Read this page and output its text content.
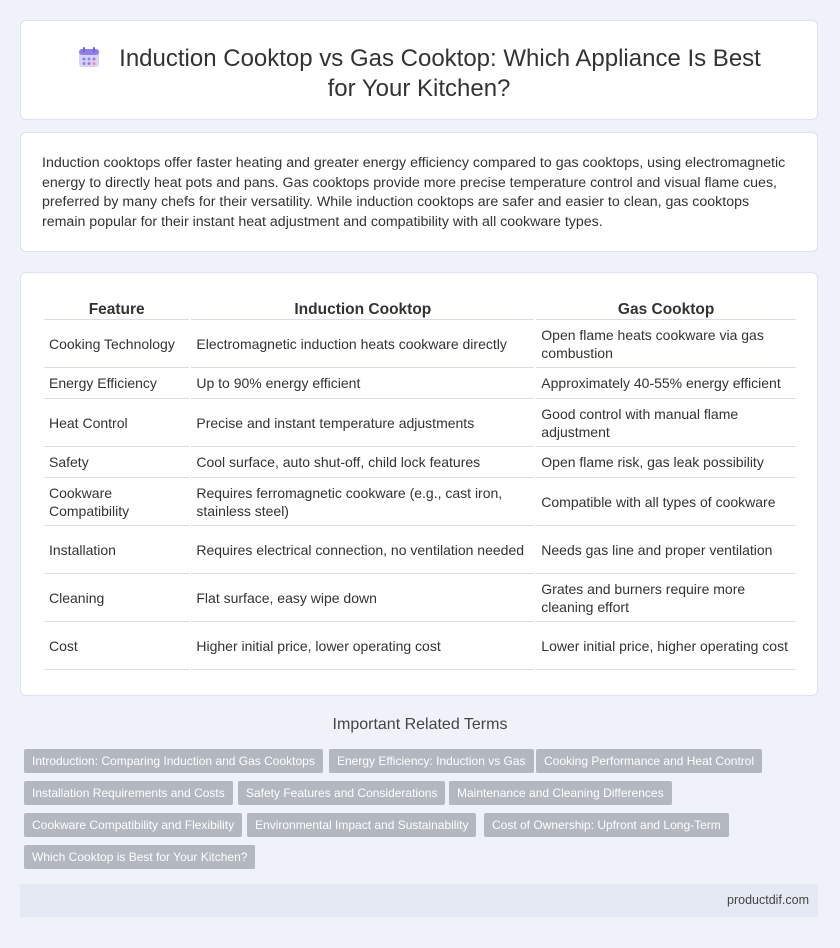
Induction Cooktop vs Gas Cooktop: Which Appliance Is Best for Your Kitchen?
Induction cooktops offer faster heating and greater energy efficiency compared to gas cooktops, using electromagnetic energy to directly heat pots and pans. Gas cooktops provide more precise temperature control and visual flame cues, preferred by many chefs for their versatility. While induction cooktops are safer and easier to clean, gas cooktops remain popular for their instant heat adjustment and compatibility with all cookware types.
Feature	Induction Cooktop	Gas Cooktop
Cooking Technology	Electromagnetic induction heats cookware directly	Open flame heats cookware via gas combustion
Energy Efficiency	Up to 90% energy efficient	Approximately 40-55% energy efficient
Heat Control	Precise and instant temperature adjustments	Good control with manual flame adjustment
Safety	Cool surface, auto shut-off, child lock features	Open flame risk, gas leak possibility
Cookware Compatibility	Requires ferromagnetic cookware (e.g., cast iron, stainless steel)	Compatible with all types of cookware
Installation	Requires electrical connection, no ventilation needed	Needs gas line and proper ventilation
Cleaning	Flat surface, easy wipe down	Grates and burners require more cleaning effort
Cost	Higher initial price, lower operating cost	Lower initial price, higher operating cost
Important Related Terms
Introduction: Comparing Induction and Gas Cooktops	Energy Efficiency: Induction vs Gas	Cooking Performance and Heat Control
Installation Requirements and Costs	Safety Features and Considerations	Maintenance and Cleaning Differences
Cookware Compatibility and Flexibility	Environmental Impact and Sustainability	Cost of Ownership: Upfront and Long-Term
Which Cooktop is Best for Your Kitchen?
productdif.com
